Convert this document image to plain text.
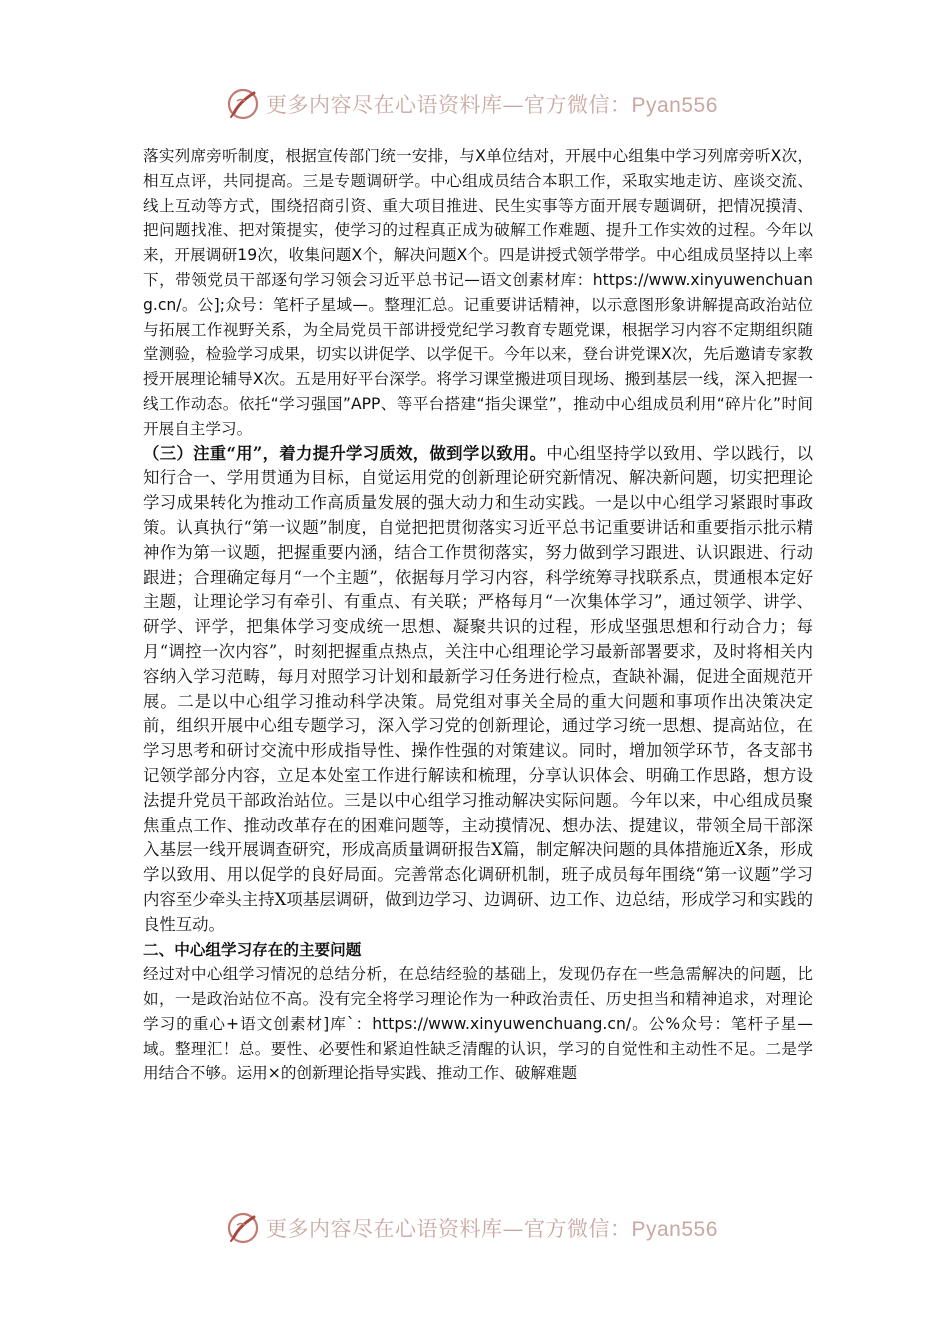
更多内容尽在心语资料库—官方微信：Pyan556

落实列席旁听制度，根据宣传部门统一安排，与X单位结对，开展中心组集中学习列席旁听X次，相互点评，共同提高。三是专题调研学。中心组成员结合本职工作，采取实地走访、座谈交流、线上互动等方式，围绕招商引资、重大项目推进、民生实事等方面开展专题调研，把情况摸清、把问题找准、把对策提实，使学习的过程真正成为破解工作难题、提升工作实效的过程。今年以来，开展调研19次，收集问题X个，解决问题X个。四是讲授式领学带学。中心组成员坚持以上率下，带领党员干部逐句学习领会习近平总书记—语文创素材库：https://www.xinyuwenchuang.cn/。公];众号：笔杆子星域—。整理汇总。记重要讲话精神，以示意图形象讲解提高政治站位与拓展工作视野关系，为全局党员干部讲授党纪学习教育专题党课，根据学习内容不定期组织随堂测验，检验学习成果，切实以讲促学、以学促干。今年以来，登台讲党课X次，先后邀请专家教授开展理论辅导X次。五是用好平台深学。将学习课堂搬进项目现场、搬到基层一线，深入把握一线工作动态。依托“学习强国”APP、等平台搭建“指尖课堂”，推动中心组成员利用“碎片化”时间开展自主学习。

（三）注重“用”，着力提升学习质效，做到学以致用。中心组坚持学以致用、学以践行，以知行合一、学用贯通为目标，自觉运用党的创新理论研究新情况、解决新问题，切实把理论学习成果转化为推动工作高质量发展的强大动力和生动实践。一是以中心组学习紧跟时事政策。认真执行“第一议题”制度，自觉把把贯彻落实习近平总书记重要讲话和重要指示批示精神作为第一议题，把握重要内涵，结合工作贯彻落实，努力做到学习跟进、认识跟进、行动跟进；合理确定每月“一个主题”，依据每月学习内容，科学统筹寻找联系点，贯通根本定好主题，让理论学习有牵引、有重点、有关联；严格每月“一次集体学习”，通过领学、讲学、研学、评学，把集体学习变成统一思想、凝聚共识的过程，形成坚强思想和行动合力；每月“调控一次内容”，时刻把握重点热点，关注中心组理论学习最新部署要求，及时将相关内容纳入学习范畴，每月对照学习计划和最新学习任务进行检点，查缺补漏，促进全面规范开展。二是以中心组学习推动科学决策。局党组对事关全局的重大问题和事项作出决策决定前，组织开展中心组专题学习，深入学习党的创新理论，通过学习统一思想、提高站位，在学习思考和研讨交流中形成指导性、操作性强的对策建议。同时，增加领学环节，各支部书记领学部分内容，立足本处室工作进行解读和梳理，分享认识体会、明确工作思路，想方设法提升党员干部政治站位。三是以中心组学习推动解决实际问题。今年以来，中心组成员聚焦重点工作、推动改革存在的困难问题等，主动摸情况、想办法、提建议，带领全局干部深入基层一线开展调查研究，形成高质量调研报告X篇，制定解决问题的具体措施近X条，形成学以致用、用以促学的良好局面。完善常态化调研机制，班子成员每年围绕“第一议题”学习内容至少牵头主持X项基层调研，做到边学习、边调研、边工作、边总结，形成学习和实践的良性互动。

二、中心组学习存在的主要问题

经过对中心组学习情况的总结分析，在总结经验的基础上，发现仍存在一些急需解决的问题，比如，一是政治站位不高。没有完全将学习理论作为一种政治责任、历史担当和精神追求，对理论学习的重心+语文创素材]库`：https://www.xinyuwenchuang.cn/。公%众号：笔杆子星—域。整理汇！总。要性、必要性和紧迫性缺乏清醒的认识，学习的自觉性和主动性不足。二是学用结合不够。运用×的创新理论指导实践、推动工作、破解难题

更多内容尽在心语资料库—官方微信：Pyan556
